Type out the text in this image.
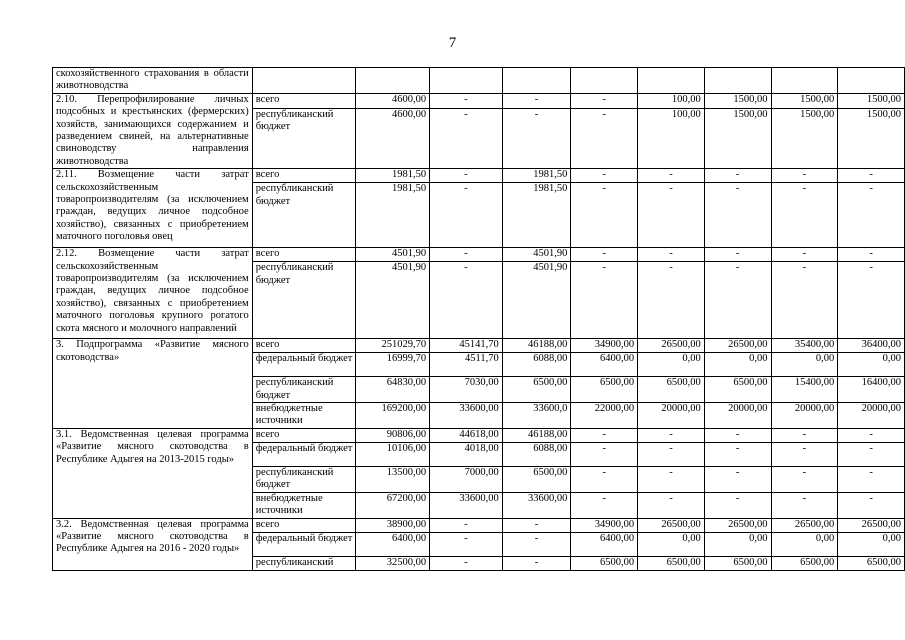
7
скохозяйственного страхования в области животноводства									
2.10. Перепрофилирование личных подсобных и крестьянских (фермерских) хозяйств, занимающихся содержанием и разведением свиней, на альтернативные свиноводству направления животноводства	всего	4600,00	-	-	-	100,00	1500,00	1500,00	1500,00
	республиканский бюджет	4600,00	-	-	-	100,00	1500,00	1500,00	1500,00
2.11. Возмещение части затрат сельскохозяйственным товаропроизводителям (за исключением граждан, ведущих личное подсобное хозяйство), связанных с приобретением маточного поголовья овец	всего	1981,50	-	1981,50	-	-	-	-	-
	республиканский бюджет	1981,50	-	1981,50	-	-	-	-	-
2.12. Возмещение части затрат сельскохозяйственным товаропроизводителям (за исключением граждан, ведущих личное подсобное хозяйство), связанных с приобретением маточного поголовья крупного рогатого скота мясного и молочного направлений	всего	4501,90	-	4501,90	-	-	-	-	-
	республиканский бюджет	4501,90	-	4501,90	-	-	-	-	-
3. Подпрограмма «Развитие мясного скотоводства»	всего	251029,70	45141,70	46188,00	34900,00	26500,00	26500,00	35400,00	36400,00
	федеральный бюджет	16999,70	4511,70	6088,00	6400,00	0,00	0,00	0,00	0,00
	республиканский бюджет	64830,00	7030,00	6500,00	6500,00	6500,00	6500,00	15400,00	16400,00
	внебюджетные источники	169200,00	33600,00	33600,0	22000,00	20000,00	20000,00	20000,00	20000,00
3.1. Ведомственная целевая программа «Развитие мясного скотоводства в Республике Адыгея на 2013-2015 годы»	всего	90806,00	44618,00	46188,00	-	-	-	-	-
	федеральный бюджет	10106,00	4018,00	6088,00	-	-	-	-	-
	республиканский бюджет	13500,00	7000,00	6500,00	-	-	-	-	-
	внебюджетные источники	67200,00	33600,00	33600,00	-	-	-	-	-
3.2. Ведомственная целевая программа «Развитие мясного скотоводства в Республике Адыгея на 2016 - 2020 годы»	всего	38900,00	-	-	34900,00	26500,00	26500,00	26500,00	26500,00
	федеральный бюджет	6400,00	-	-	6400,00	0,00	0,00	0,00	0,00
	республиканский	32500,00	-	-	6500,00	6500,00	6500,00	6500,00	6500,00
